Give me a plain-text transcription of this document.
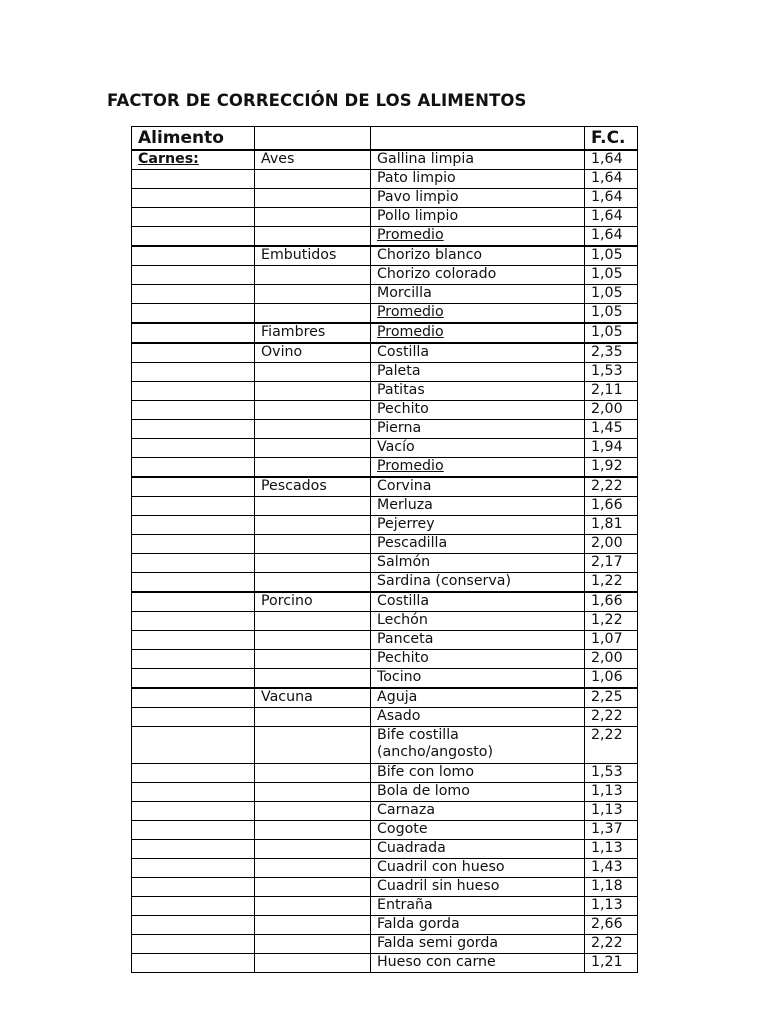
FACTOR DE CORRECCIÓN DE LOS ALIMENTOS
Alimento			F.C.
Carnes:	Aves	Gallina limpia	1,64
		Pato limpio	1,64
		Pavo limpio	1,64
		Pollo limpio	1,64
		Promedio	1,64
	Embutidos	Chorizo blanco	1,05
		Chorizo colorado	1,05
		Morcilla	1,05
		Promedio	1,05
	Fiambres	Promedio	1,05
	Ovino	Costilla	2,35
		Paleta	1,53
		Patitas	2,11
		Pechito	2,00
		Pierna	1,45
		Vacío	1,94
		Promedio	1,92
	Pescados	Corvina	2,22
		Merluza	1,66
		Pejerrey	1,81
		Pescadilla	2,00
		Salmón	2,17
		Sardina (conserva)	1,22
	Porcino	Costilla	1,66
		Lechón	1,22
		Panceta	1,07
		Pechito	2,00
		Tocino	1,06
	Vacuna	Aguja	2,25
		Asado	2,22
		Bife costilla (ancho/angosto)	2,22
		Bife con lomo	1,53
		Bola de lomo	1,13
		Carnaza	1,13
		Cogote	1,37
		Cuadrada	1,13
		Cuadril con hueso	1,43
		Cuadril sin hueso	1,18
		Entraña	1,13
		Falda gorda	2,66
		Falda semi gorda	2,22
		Hueso con carne	1,21
